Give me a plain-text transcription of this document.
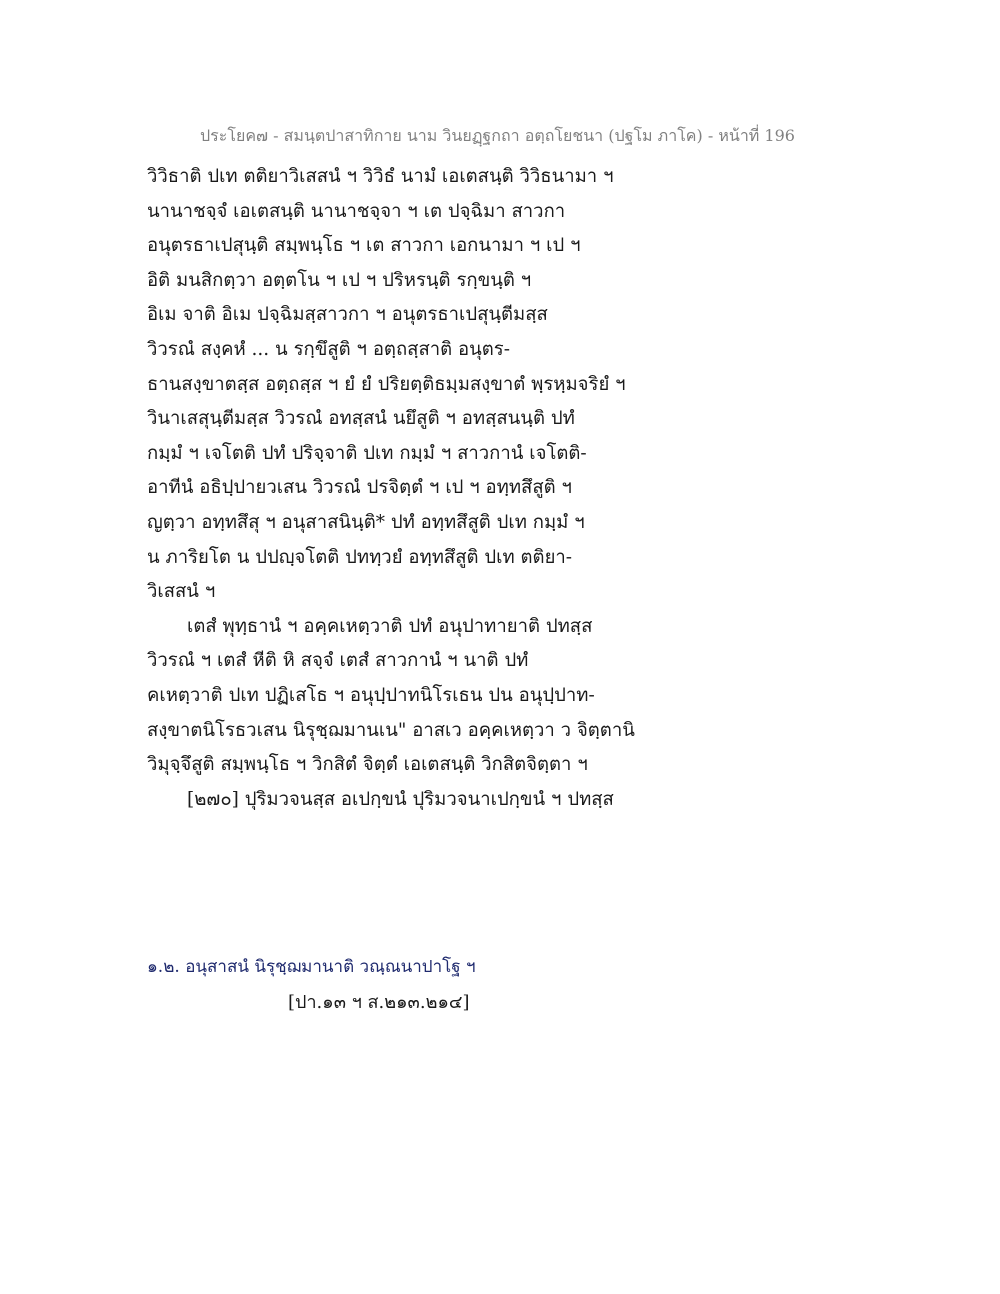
ประโยค๗ - สมนฺตปาสาทิกาย นาม วินยฏฺฐกถา อตฺถโยชนา (ปฐโม ภาโค) - หน้าที่ 196
วิวิธาติ ปเท ตติยาวิเสสนํ ฯ วิวิธํ นามํ เอเตสนฺติ วิวิธนามา ฯ
นานาชจฺจํ เอเตสนฺติ นานาชจฺจา ฯ เต ปจฺฉิมา สาวกา
อนุตรธาเปสุนฺติ สมฺพนฺโธ ฯ เต สาวกา เอกนามา ฯ เป ฯ
อิติ มนสิกตฺวา อตฺตโน ฯ เป ฯ ปริหรนฺติ รกฺขนฺติ ฯ
อิเม จาติ อิเม ปจฺฉิมสฺสาวกา ฯ อนุตรธาเปสุนฺตีมสฺส
วิวรณํ สงฺคหํ ... น รกฺขึสูติ ฯ อตฺถสฺสาติ อนุตร-
ธานสงฺขาตสฺส อตฺถสฺส ฯ ยํ ยํ ปริยตฺติธมฺมสงฺขาตํ พฺรหฺมจริยํ ฯ
วินาเสสุนฺตีมสฺส วิวรณํ อทสฺสนํ นยึสูติ ฯ อทสฺสนนฺติ ปทํ
กมฺมํ ฯ เจโตติ ปทํ ปริจฺจาติ ปเท กมฺมํ ฯ สาวกานํ เจโตติ-
อาทีนํ อธิปฺปายวเสน วิวรณํ ปรจิตฺตํ ฯ เป ฯ อทฺทสึสูติ ฯ
ญตฺวา อทฺทสึสุ ฯ อนุสาสนินฺติ* ปทํ อทฺทสึสูติ ปเท กมฺมํ ฯ
น ภาริยโต น ปปญฺจโตติ ปททฺวยํ อทฺทสึสูติ ปเท ตติยา-
วิเสสนํ ฯ
เตสํ พุทฺธานํ ฯ อคฺคเหตฺวาติ ปทํ อนุปาทายาติ ปทสฺส
วิวรณํ ฯ เตสํ หีติ หิ สจฺจํ เตสํ สาวกานํ ฯ นาติ ปทํ
คเหตฺวาติ ปเท ปฏิเสโธ ฯ อนุปฺปาทนิโรเธน ปน อนุปฺปาท-
สงฺขาตนิโรธวเสน นิรุชฺฌมานเน" อาสเว อคฺคเหตฺวา ว จิตฺตานิ
วิมุจฺจึสูติ สมฺพนฺโธ ฯ วิกสิตํ จิตฺตํ เอเตสนฺติ วิกสิตจิตฺตา ฯ
[๒๗๐] ปุริมวจนสฺส อเปกฺขนํ ปุริมวจนาเปกฺขนํ ฯ ปทสฺส
๑.๒. อนุสาสนํ นิรุชฺฌมานาติ วณฺณนาปาโฐ ฯ
[ปา.๑๓ ฯ ส.๒๑๓.๒๑๔]
